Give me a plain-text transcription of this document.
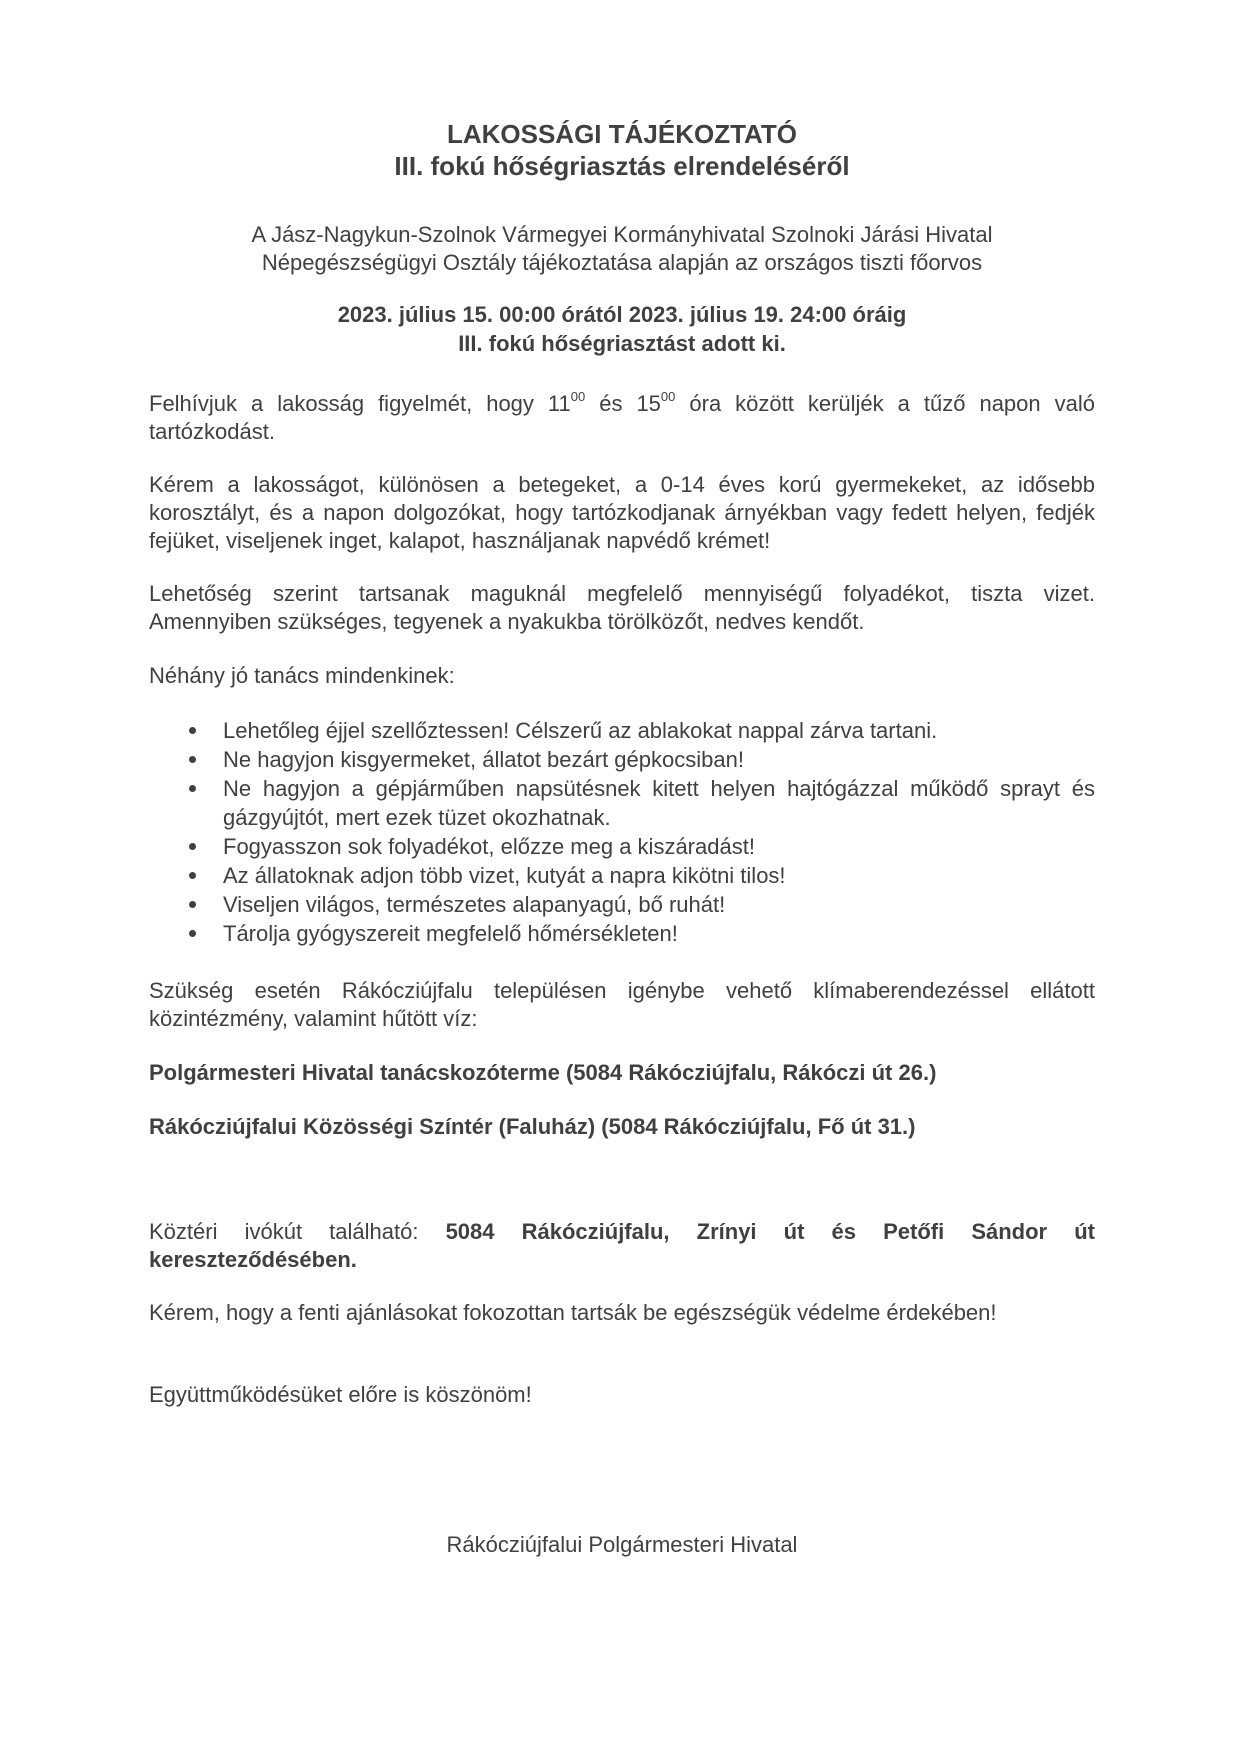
LAKOSSÁGI TÁJÉKOZTATÓ
III. fokú hőségriasztás elrendeléséről
A Jász-Nagykun-Szolnok Vármegyei Kormányhivatal Szolnoki Járási Hivatal
Népegészségügyi Osztály tájékoztatása alapján az országos tiszti főorvos
2023. július 15. 00:00 órától 2023. július 19. 24:00 óráig
III. fokú hőségriasztást adott ki.

Felhívjuk a lakosság figyelmét, hogy $11^{00}$ és $15^{00}$ óra között kerüljék a tűző napon való tartózkodást.

Kérem a lakosságot, különösen a betegeket, a 0-14 éves korú gyermekeket, az idősebb korosztályt, és a napon dolgozókat, hogy tartózkodjanak árnyékban vagy fedett helyen, fedjék fejüket, viseljenek inget, kalapot, használjanak napvédő krémet!

Lehetőség szerint tartsanak maguknál megfelelő mennyiségű folyadékot, tiszta vizet. Amennyiben szükséges, tegyenek a nyakukba törölközőt, nedves kendőt.

Néhány jó tanács mindenkinek:

Lehetőleg éjjel szellőztessen! Célszerű az ablakokat nappal zárva tartani.
Ne hagyjon kisgyermeket, állatot bezárt gépkocsiban!
Ne hagyjon a gépjárműben napsütésnek kitett helyen hajtógázzal működő sprayt és gázgyújtót, mert ezek tüzet okozhatnak.
Fogyasszon sok folyadékot, előzze meg a kiszáradást!
Az állatoknak adjon több vizet, kutyát a napra kikötni tilos!
Viseljen világos, természetes alapanyagú, bő ruhát!
Tárolja gyógyszereit megfelelő hőmérsékleten!

Szükség esetén Rákócziújfalu településen igénybe vehető klímaberendezéssel ellátott közintézmény, valamint hűtött víz:

Polgármesteri Hivatal tanácskozóterme (5084 Rákócziújfalu, Rákóczi út 26.)

Rákócziújfalui Közösségi Színtér (Faluház) (5084 Rákócziújfalu, Fő út 31.)

Köztéri ivókút található: 5084 Rákócziújfalu, Zrínyi út és Petőfi Sándor út kereszteződésében.

Kérem, hogy a fenti ajánlásokat fokozottan tartsák be egészségük védelme érdekében!

Együttműködésüket előre is köszönöm!

Rákócziújfalui Polgármesteri Hivatal
